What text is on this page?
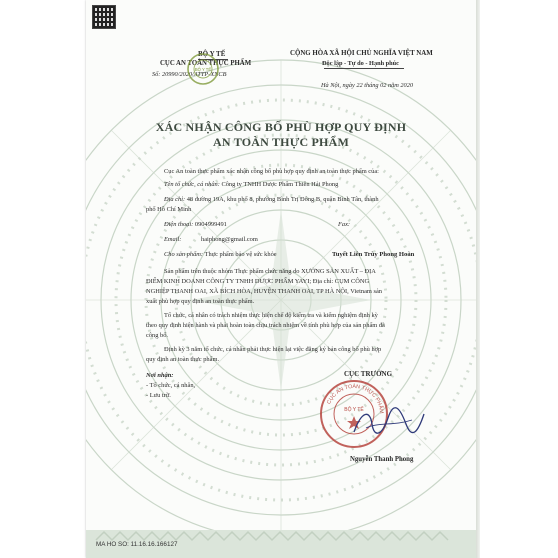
BỘ Y TẾ
CỤC AN TOÀN THỰC PHẨM
Số: 20990/2020/ATTP-XNCB
BỘ Y TẾ
CỘNG HÒA XÃ HỘI CHỦ NGHĨA VIỆT NAM
Độc lập - Tự do - Hạnh phúc
Hà Nội, ngày 22 tháng 02 năm 2020
XÁC NHẬN CÔNG BỐ PHÙ HỢP QUY ĐỊNH
AN TOÀN THỰC PHẨM
Cục An toàn thực phẩm xác nhận công bố phù hợp quy định an toàn thực phẩm của:
Tên tổ chức, cá nhân: Công ty TNHH Dược Phẩm Thiên Hải Phong
Địa chỉ: 48 đường 19A, khu phố 8, phường Bình Trị Đông B, quận Bình Tân, thành
phố Hồ Chí Minh
Điện thoại: 0904999491	Fax:
Email:	haiphong@gmail.com
Cho sản phẩm: Thực phẩm bảo vệ sức khỏe	Tuyết Liên Trùy Phong Hoàn
Sản phẩm trên thuộc nhóm Thực phẩm chức năng do XƯỞNG SẢN XUẤT – ĐỊA
ĐIỂM KINH DOANH CÔNG TY TNHH DƯỢC PHẨM YAYI; Địa chỉ: CỤM CÔNG
NGHIỆP THANH OAI, XÃ BÍCH HÒA, HUYỆN THANH OAI, TP HÀ NỘI, Vietnam sản
xuất phù hợp quy định an toàn thực phẩm.
Tổ chức, cá nhân có trách nhiệm thực hiện chế độ kiểm tra và kiểm nghiệm định kỳ
theo quy định hiện hành và phải hoàn toàn chịu trách nhiệm về tính phù hợp của sản phẩm đã
công bố.
Định kỳ 3 năm tổ chức, cá nhân phải thực hiện lại việc đăng ký bản công bố phù hợp
quy định an toàn thực phẩm.
Nơi nhận:
- Tổ chức, cá nhân,
- Lưu trữ.
CỤC TRƯỞNG
CỤC AN TOÀN THỰC PHẨM
BỘ Y TẾ
Nguyễn Thanh Phong
MA HO SO: 11.16.16.166127
